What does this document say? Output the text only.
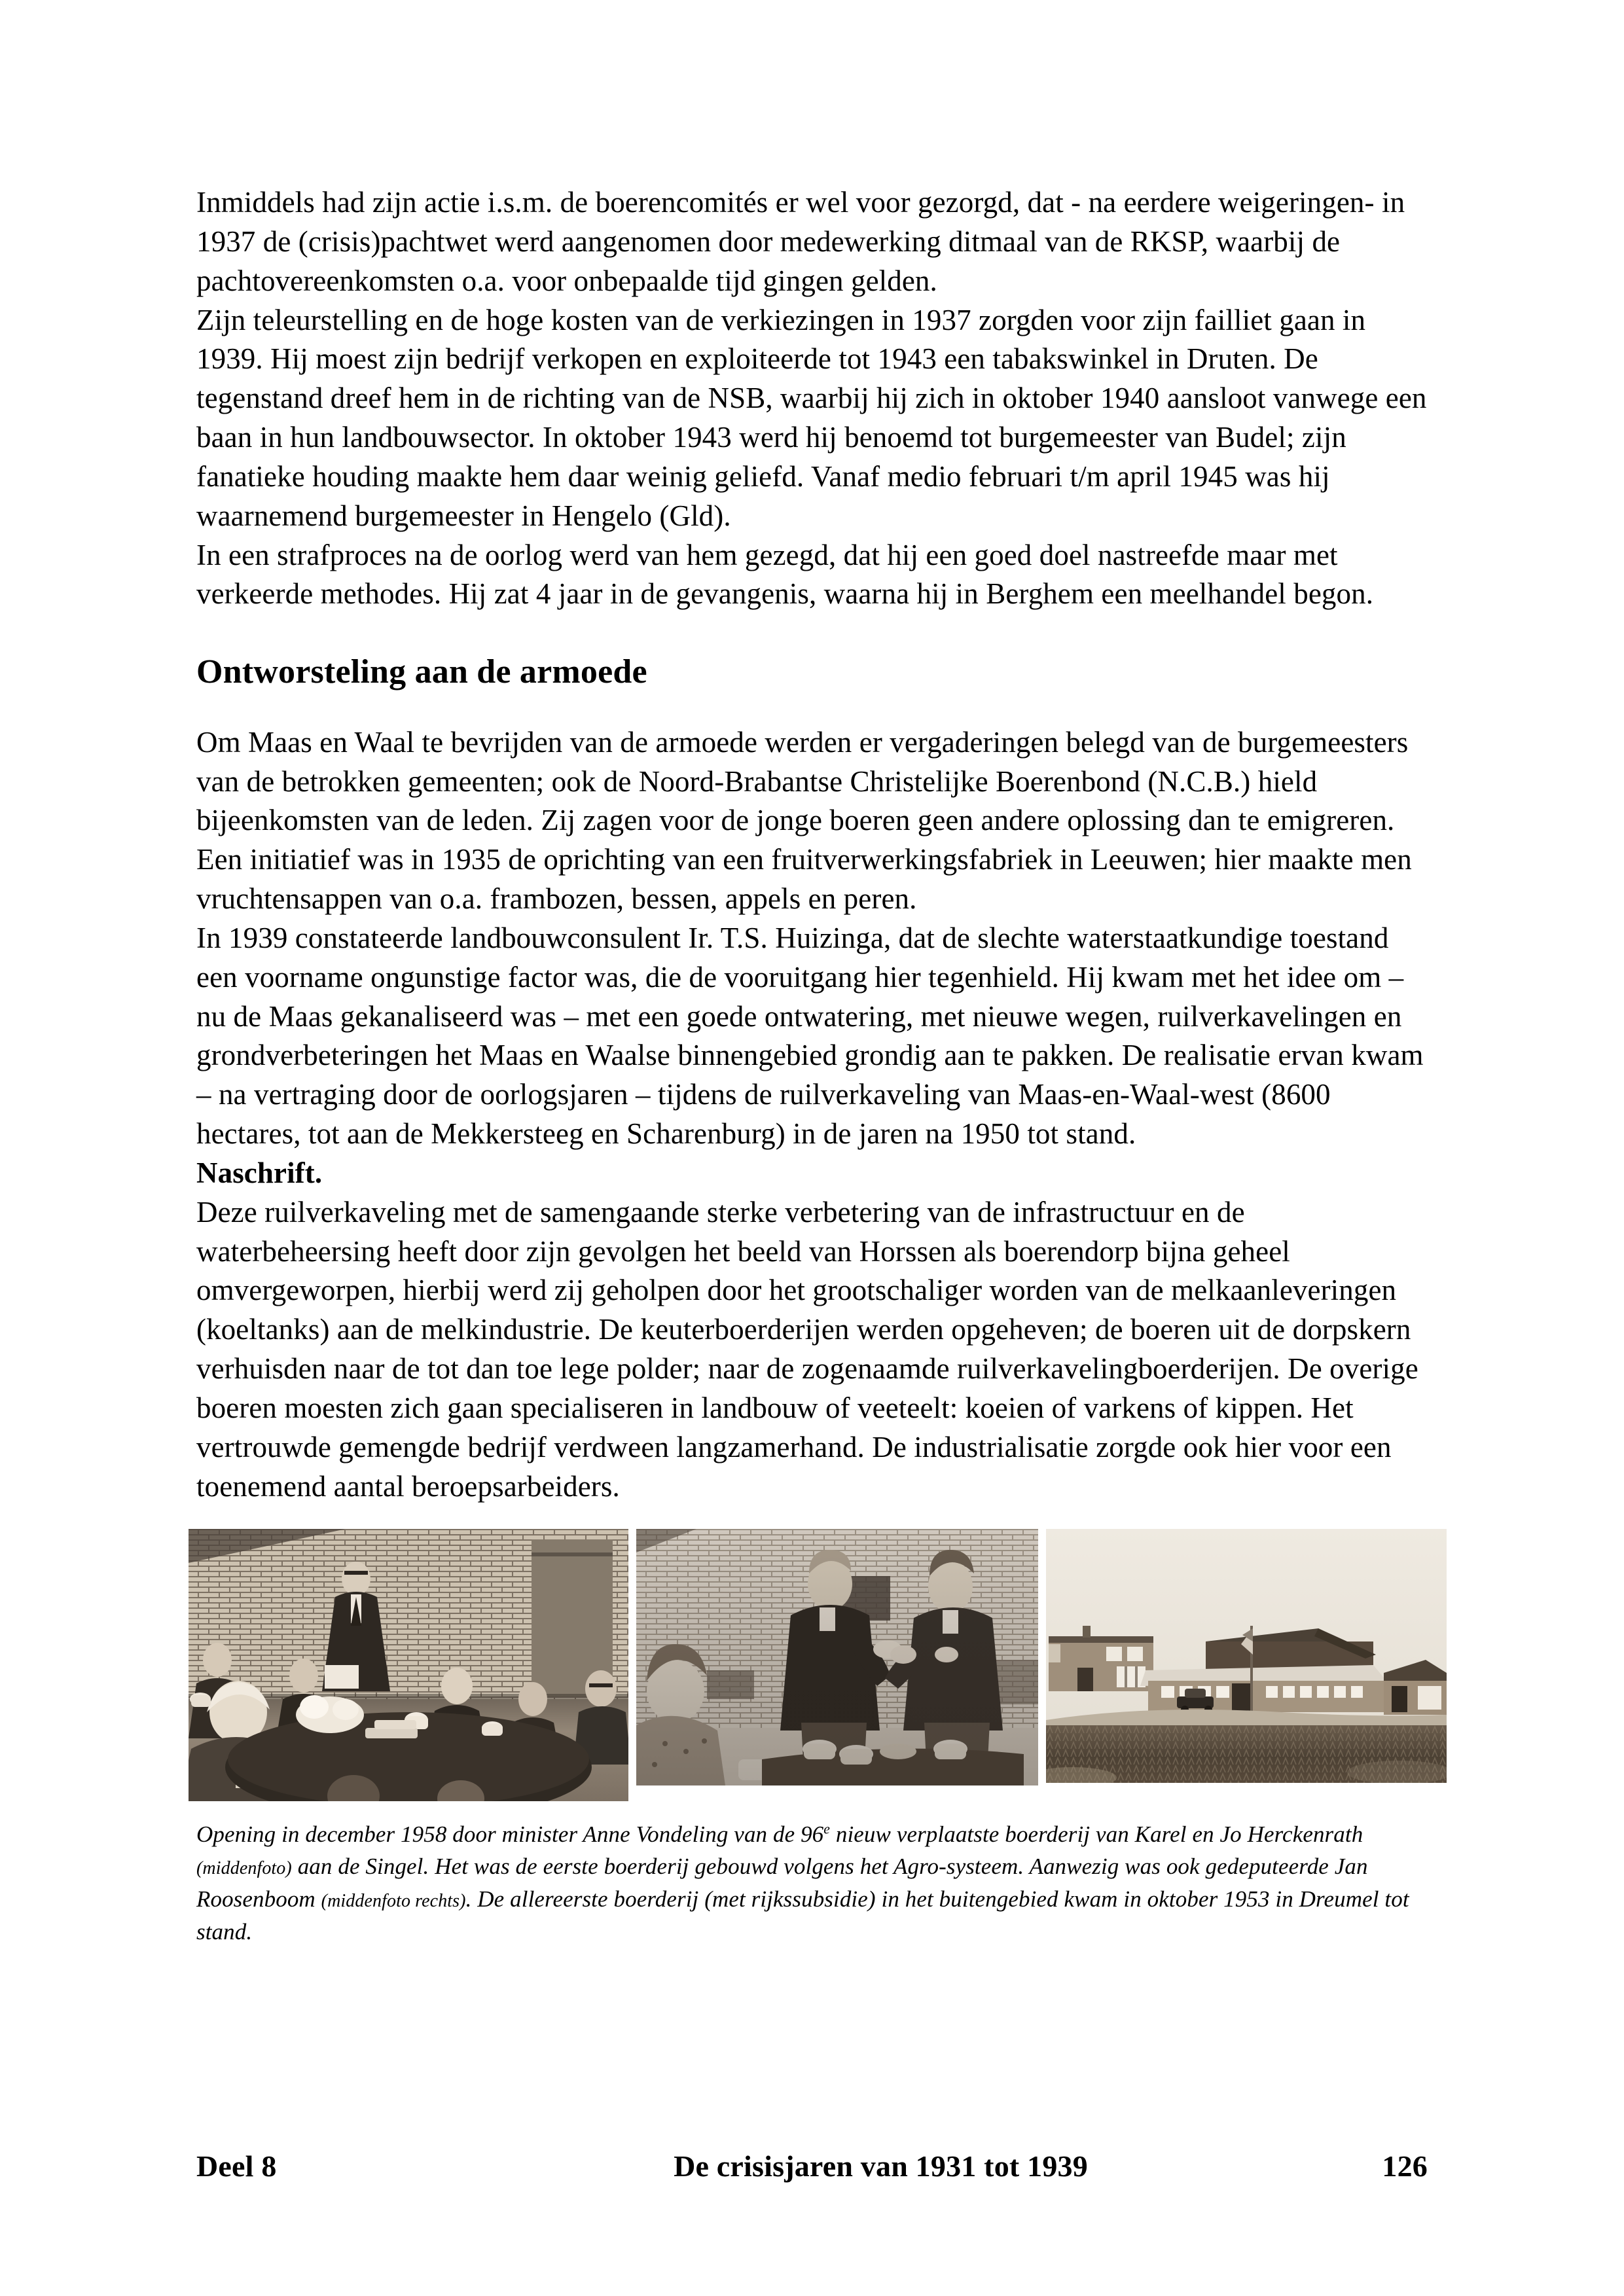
Inmiddels had zijn actie i.s.m. de boerencomités er wel voor gezorgd, dat - na eerdere weigeringen- in 1937 de (crisis)pachtwet werd aangenomen door medewerking ditmaal van de RKSP, waarbij de pachtovereenkomsten o.a. voor onbepaalde tijd gingen gelden.

Zijn teleurstelling en de hoge kosten van de verkiezingen in 1937 zorgden voor zijn failliet gaan in 1939. Hij moest zijn bedrijf verkopen en exploiteerde tot 1943 een tabakswinkel in Druten. De tegenstand dreef hem in de richting van de NSB, waarbij hij zich in oktober 1940 aansloot vanwege een baan in hun landbouwsector. In oktober 1943 werd hij benoemd tot burgemeester van Budel; zijn fanatieke houding maakte hem daar weinig geliefd. Vanaf medio februari t/m april 1945 was hij waarnemend burgemeester in Hengelo (Gld).

In een strafproces na de oorlog werd van hem gezegd, dat hij een goed doel nastreefde maar met verkeerde methodes. Hij zat 4 jaar in de gevangenis, waarna hij in Berghem een meelhandel begon.

Ontworsteling aan de armoede

Om Maas en Waal te bevrijden van de armoede werden er vergaderingen belegd van de burgemeesters van de betrokken gemeenten; ook de Noord-Brabantse Christelijke Boerenbond (N.C.B.) hield bijeenkomsten van de leden. Zij zagen voor de jonge boeren geen andere oplossing dan te emigreren.

Een initiatief was in 1935 de oprichting van een fruitverwerkingsfabriek in Leeuwen; hier maakte men vruchtensappen van o.a. frambozen, bessen, appels en peren.

In 1939 constateerde landbouwconsulent Ir. T.S. Huizinga, dat de slechte waterstaatkundige toestand een voorname ongunstige factor was, die de vooruitgang hier tegenhield. Hij kwam met het idee om – nu de Maas gekanaliseerd was – met een goede ontwatering, met nieuwe wegen, ruilverkavelingen en grondverbeteringen het Maas en Waalse binnengebied grondig aan te pakken. De realisatie ervan kwam – na vertraging door de oorlogsjaren – tijdens de ruilverkaveling van Maas-en-Waal-west (8600 hectares, tot aan de Mekkersteeg en Scharenburg) in de jaren na 1950 tot stand.

Naschrift.

Deze ruilverkaveling met de samengaande sterke verbetering van de infrastructuur en de waterbeheersing heeft door zijn gevolgen het beeld van Horssen als boerendorp bijna geheel omvergeworpen, hierbij werd zij geholpen door het grootschaliger worden van de melkaanleveringen (koeltanks) aan de melkindustrie. De keuterboerderijen werden opgeheven; de boeren uit de dorpskern verhuisden naar de tot dan toe lege polder; naar de zogenaamde ruilverkavelingboerderijen. De overige boeren moesten zich gaan specialiseren in landbouw of veeteelt: koeien of varkens of kippen. Het vertrouwde gemengde bedrijf verdween langzamerhand. De industrialisatie zorgde ook hier voor een toenemend aantal beroepsarbeiders.

Opening in december 1958 door minister Anne Vondeling van de 96e nieuw verplaatste boerderij van Karel en Jo Herckenrath (middenfoto) aan de Singel. Het was de eerste boerderij gebouwd volgens het Agro-systeem. Aanwezig was ook gedeputeerde Jan Roosenboom (middenfoto rechts). De allereerste boerderij (met rijkssubsidie) in het buitengebied kwam in oktober 1953 in Dreumel tot stand.
Deel 8	De crisisjaren van 1931 tot 1939	126
